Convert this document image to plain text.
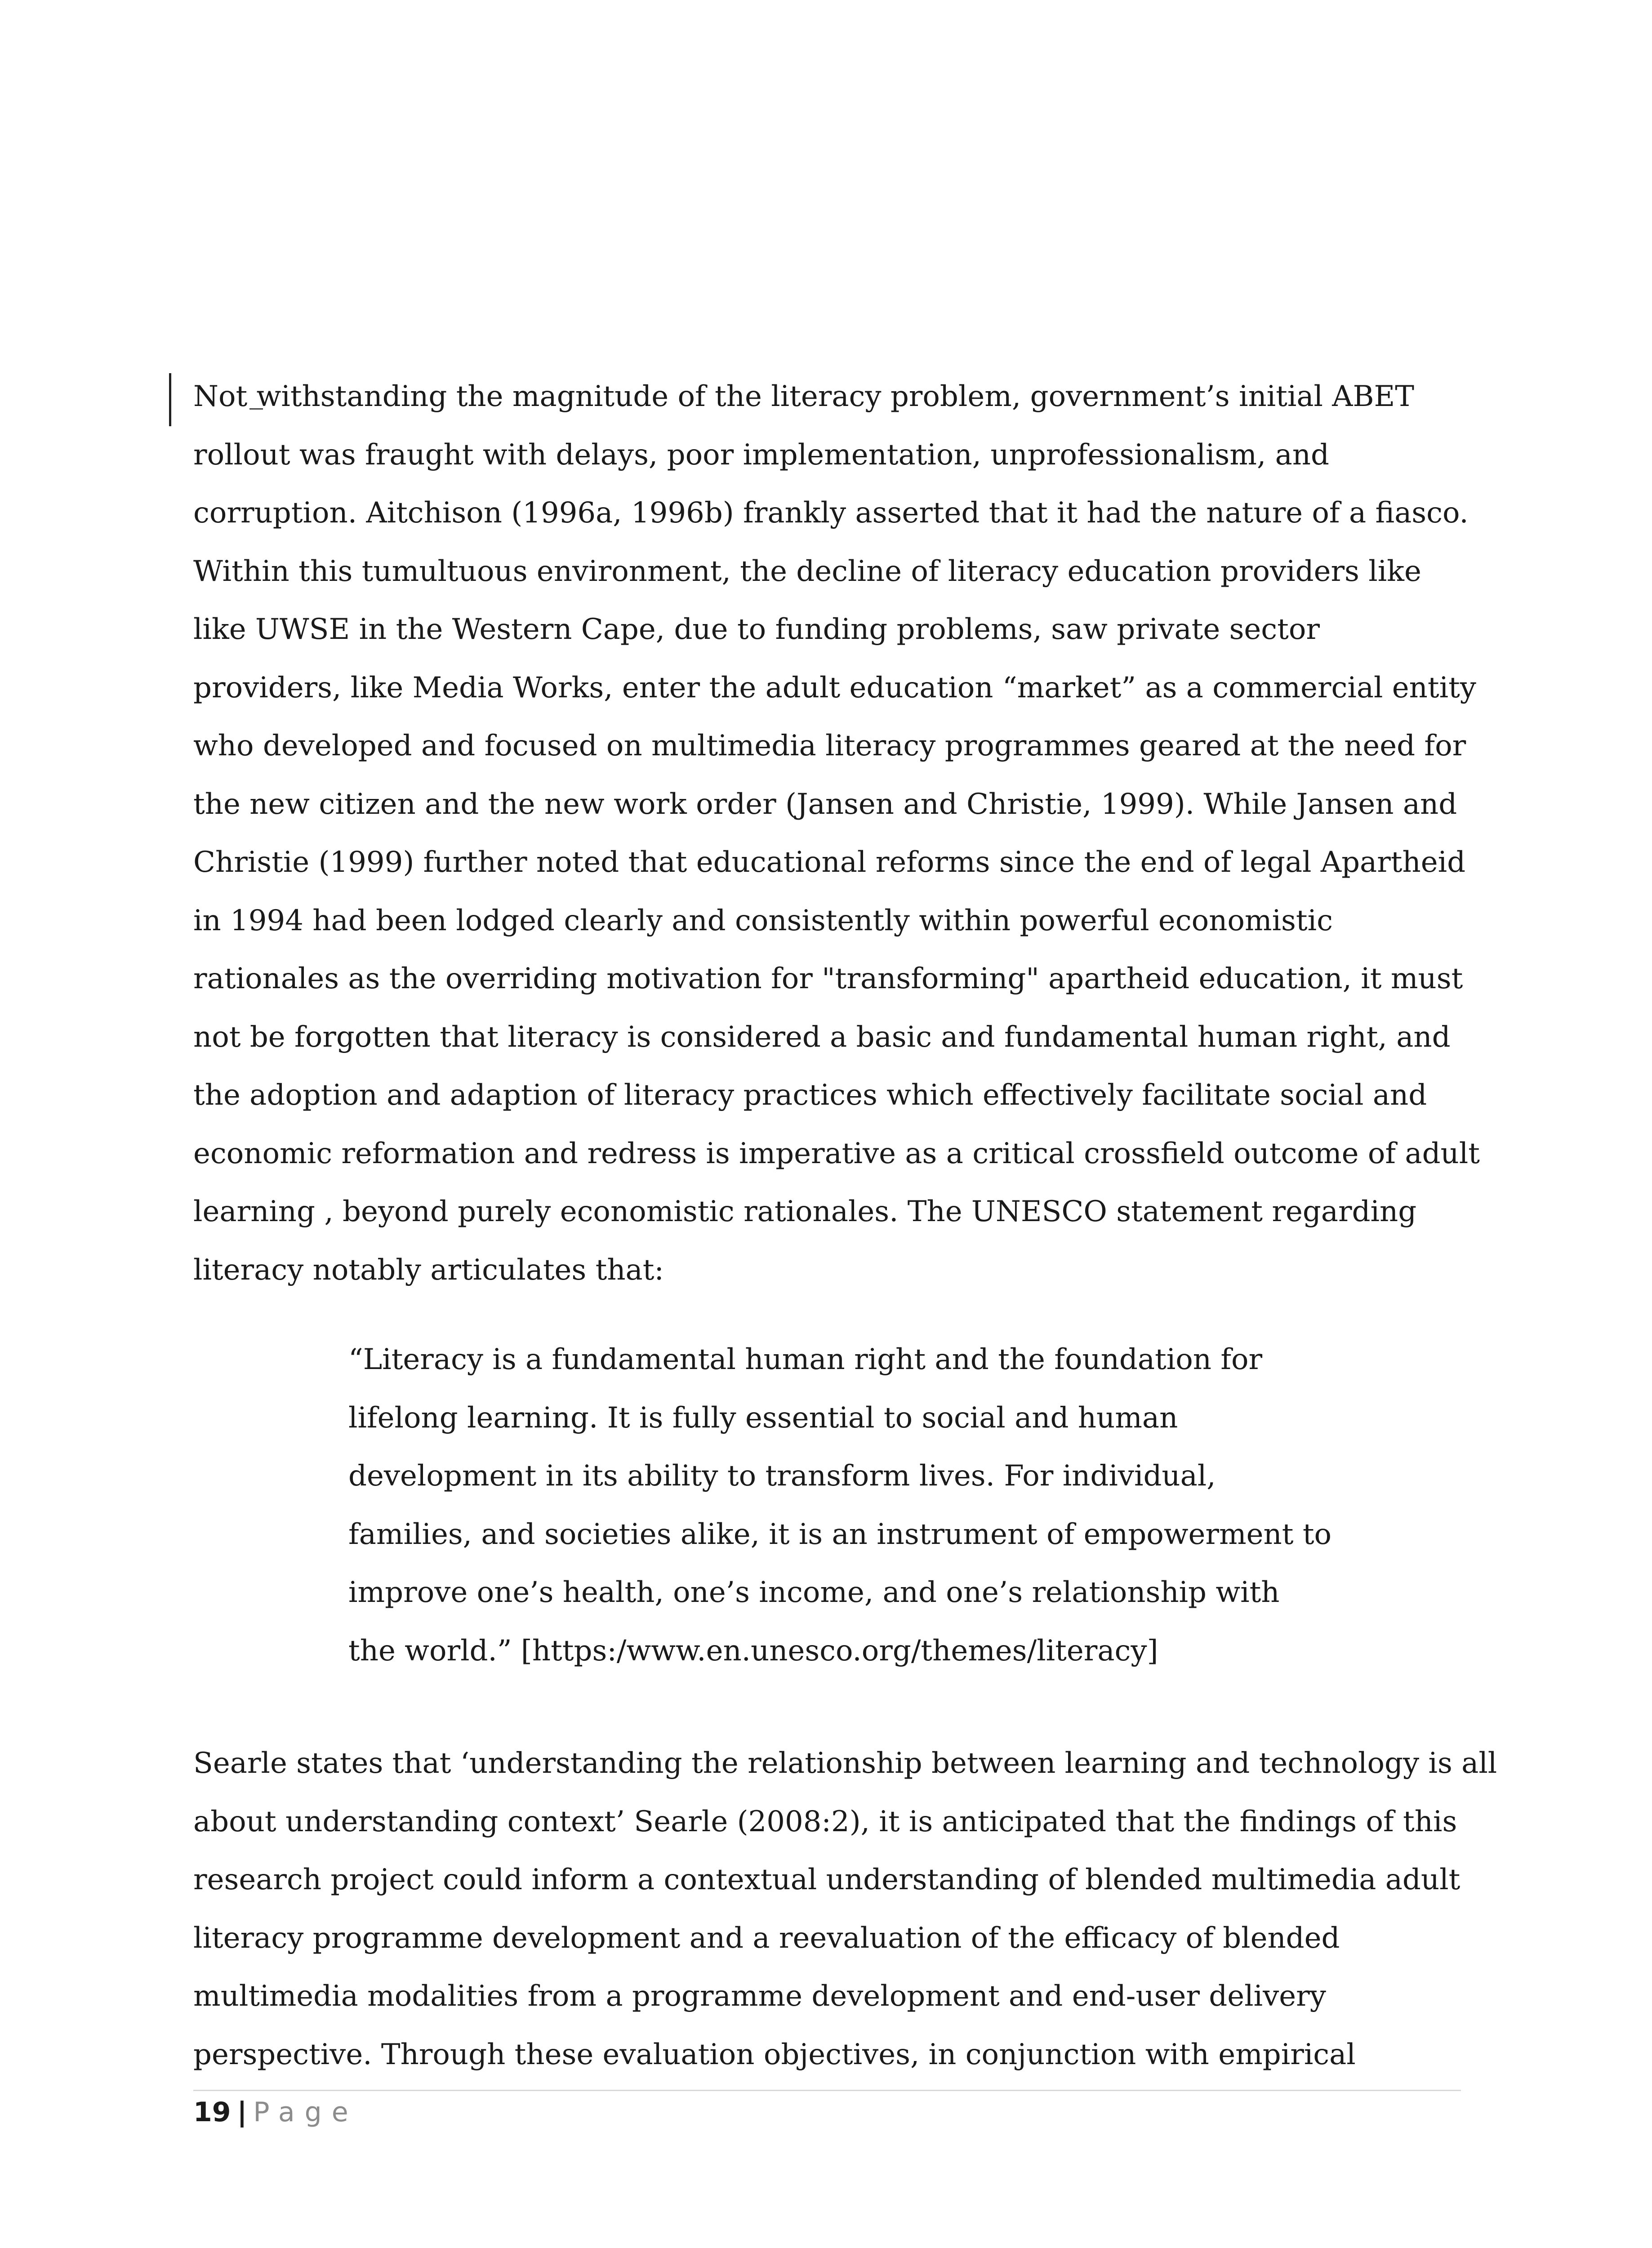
Not withstanding the magnitude of the literacy problem, government’s initial ABET
rollout was fraught with delays, poor implementation, unprofessionalism, and
corruption. Aitchison (1996a, 1996b) frankly asserted that it had the nature of a fiasco.
Within this tumultuous environment, the decline of literacy education providers like
like UWSE in the Western Cape, due to funding problems, saw private sector
providers, like Media Works, enter the adult education “market” as a commercial entity
who developed and focused on multimedia literacy programmes geared at the need for
the new citizen and the new work order (Jansen and Christie, 1999). While Jansen and
Christie (1999) further noted that educational reforms since the end of legal Apartheid
in 1994 had been lodged clearly and consistently within powerful economistic
rationales as the overriding motivation for "transforming" apartheid education, it must
not be forgotten that literacy is considered a basic and fundamental human right, and
the adoption and adaption of literacy practices which effectively facilitate social and
economic reformation and redress is imperative as a critical crossfield outcome of adult
learning , beyond purely economistic rationales. The UNESCO statement regarding
literacy notably articulates that:
“Literacy is a fundamental human right and the foundation for
lifelong learning. It is fully essential to social and human
development in its ability to transform lives. For individual,
families, and societies alike, it is an instrument of empowerment to
improve one’s health, one’s income, and one’s relationship with
the world.” [https:/www.en.unesco.org/themes/literacy]
Searle states that ‘understanding the relationship between learning and technology is all
about understanding context’ Searle (2008:2), it is anticipated that the findings of this
research project could inform a contextual understanding of blended multimedia adult
literacy programme development and a reevaluation of the efficacy of blended
multimedia modalities from a programme development and end-user delivery
perspective. Through these evaluation objectives, in conjunction with empirical
19 | Page
